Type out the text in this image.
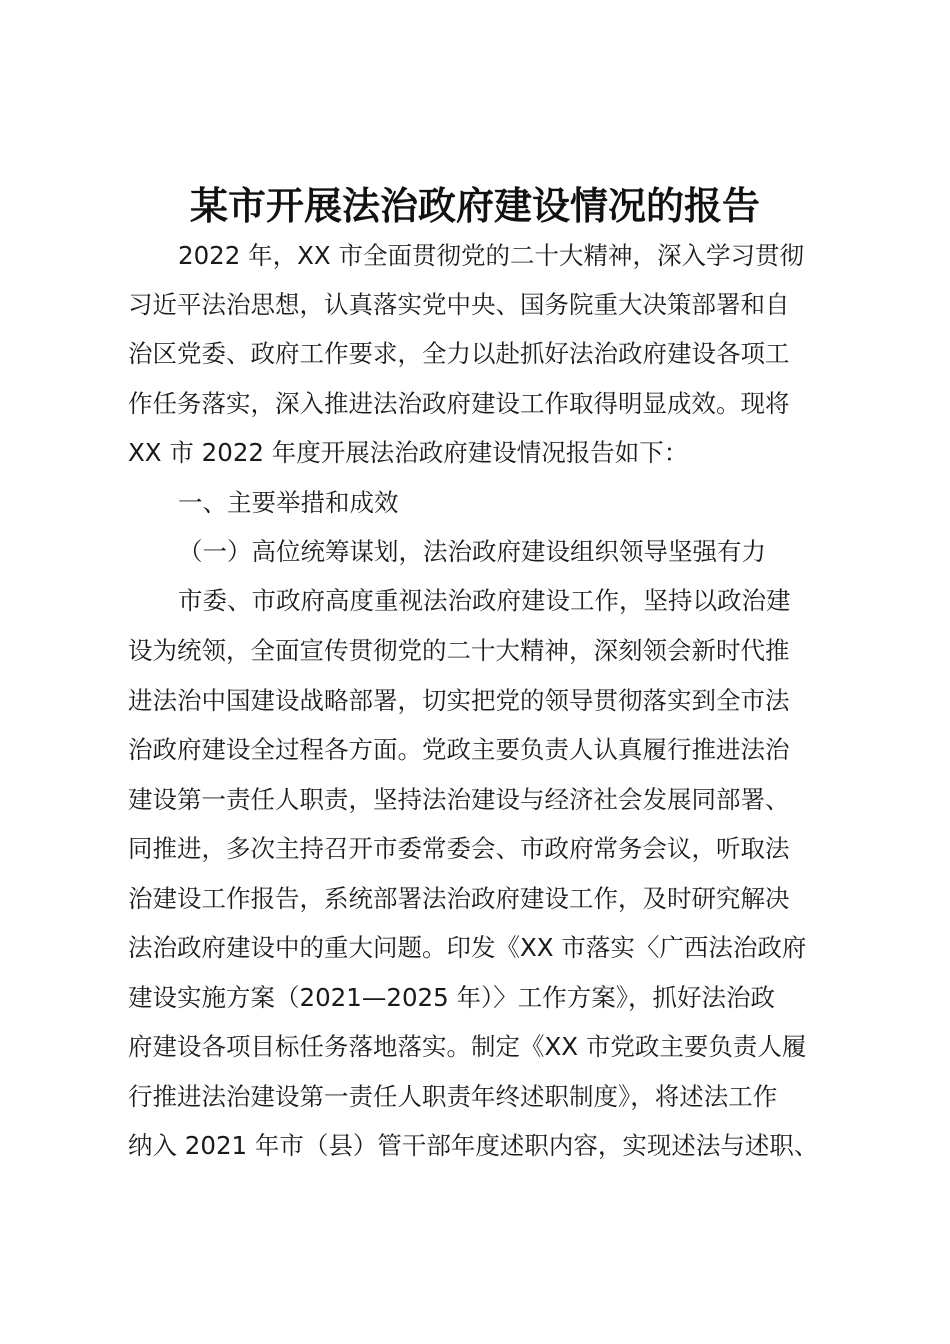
某市开展法治政府建设情况的报告

2022 年，XX 市全面贯彻党的二十大精神，深入学习贯彻

习近平法治思想，认真落实党中央、国务院重大决策部署和自

治区党委、政府工作要求，全力以赴抓好法治政府建设各项工

作任务落实，深入推进法治政府建设工作取得明显成效。现将

XX 市 2022 年度开展法治政府建设情况报告如下：

一、主要举措和成效

（一）高位统筹谋划，法治政府建设组织领导坚强有力

市委、市政府高度重视法治政府建设工作，坚持以政治建

设为统领，全面宣传贯彻党的二十大精神，深刻领会新时代推

进法治中国建设战略部署，切实把党的领导贯彻落实到全市法

治政府建设全过程各方面。党政主要负责人认真履行推进法治

建设第一责任人职责，坚持法治建设与经济社会发展同部署、

同推进，多次主持召开市委常委会、市政府常务会议，听取法

治建设工作报告，系统部署法治政府建设工作，及时研究解决

法治政府建设中的重大问题。印发《XX 市落实〈广西法治政府

建设实施方案（2021—2025 年）〉工作方案》，抓好法治政

府建设各项目标任务落地落实。制定《XX 市党政主要负责人履

行推进法治建设第一责任人职责年终述职制度》，将述法工作

纳入 2021 年市（县）管干部年度述职内容，实现述法与述职、
